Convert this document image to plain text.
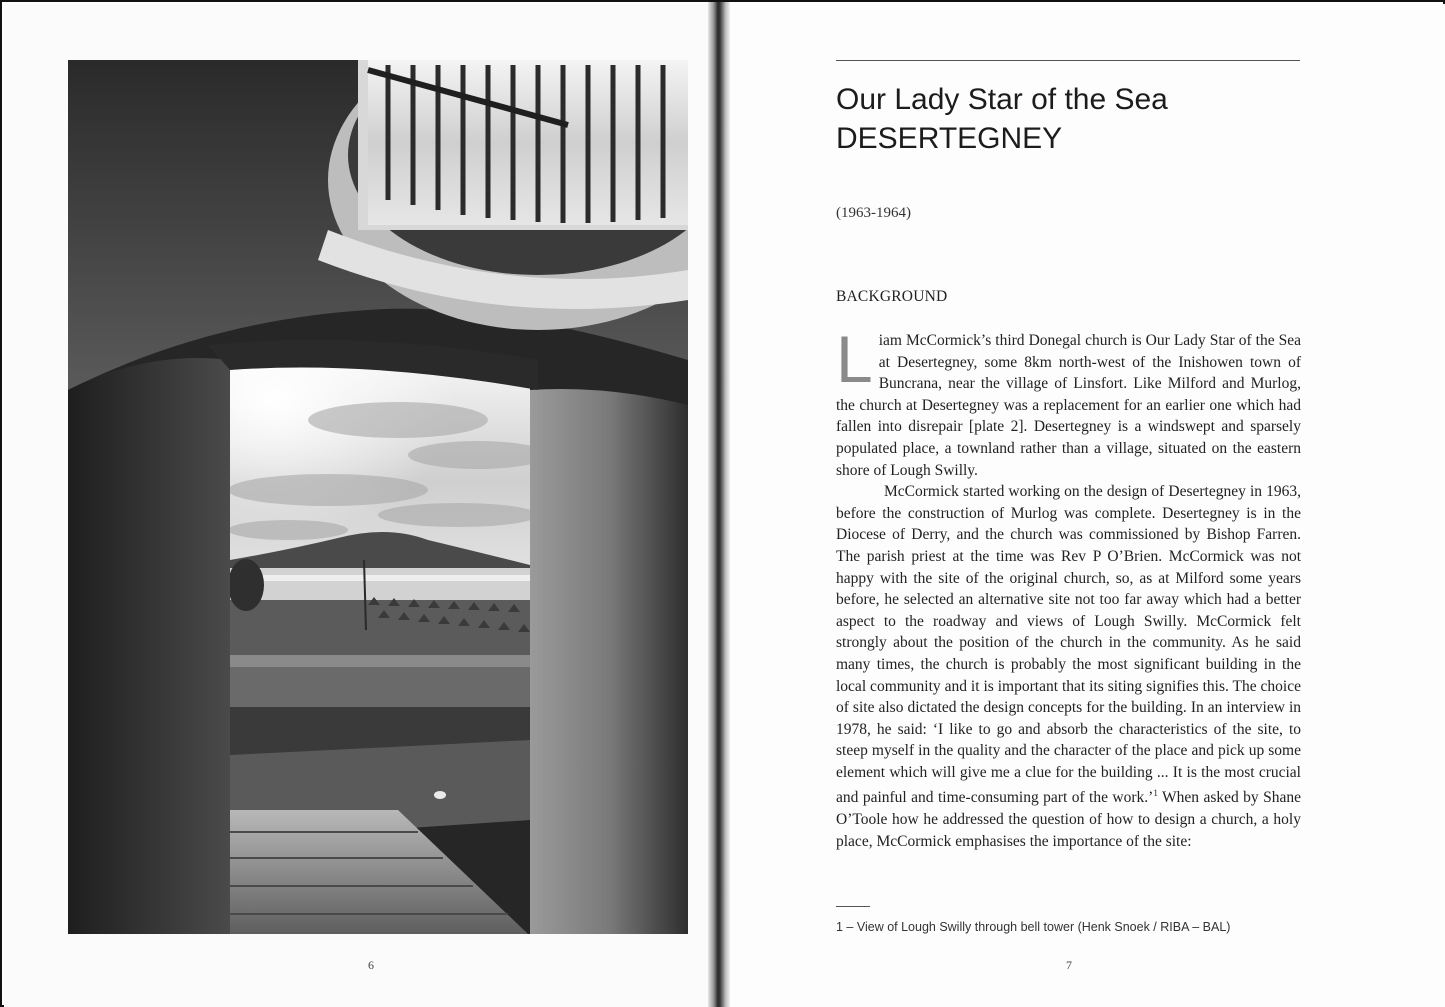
6
Our Lady Star of the Sea
DESERTEGNEY
(1963-1964)
BACKGROUND

Liam McCormick’s third Donegal church is Our Lady Star of the Sea at Desertegney, some 8km north-west of the Inishowen town of Buncrana, near the village of Linsfort. Like Milford and Murlog, the church at Desertegney was a replacement for an earlier one which had fallen into disrepair [plate 2]. Desertegney is a windswept and sparsely populated place, a townland rather than a village, situated on the eastern shore of Lough Swilly.

McCormick started working on the design of Desertegney in 1963, before the construction of Murlog was complete. Desertegney is in the Diocese of Derry, and the church was commissioned by Bishop Farren. The parish priest at the time was Rev P O’Brien. McCormick was not happy with the site of the original church, so, as at Milford some years before, he selected an alternative site not too far away which had a better aspect to the roadway and views of Lough Swilly. McCormick felt strongly about the position of the church in the community. As he said many times, the church is probably the most significant building in the local community and it is important that its siting signifies this. The choice of site also dictated the design concepts for the building. In an interview in 1978, he said: ‘I like to go and absorb the characteristics of the site, to steep myself in the quality and the character of the place and pick up some element which will give me a clue for the building ... It is the most crucial and painful and time-consuming part of the work.’$^1$ When asked by Shane O’Toole how he addressed the question of how to design a church, a holy place, McCormick emphasises the importance of the site:

1 – View of Lough Swilly through bell tower (Henk Snoek / RIBA – BAL)
7
